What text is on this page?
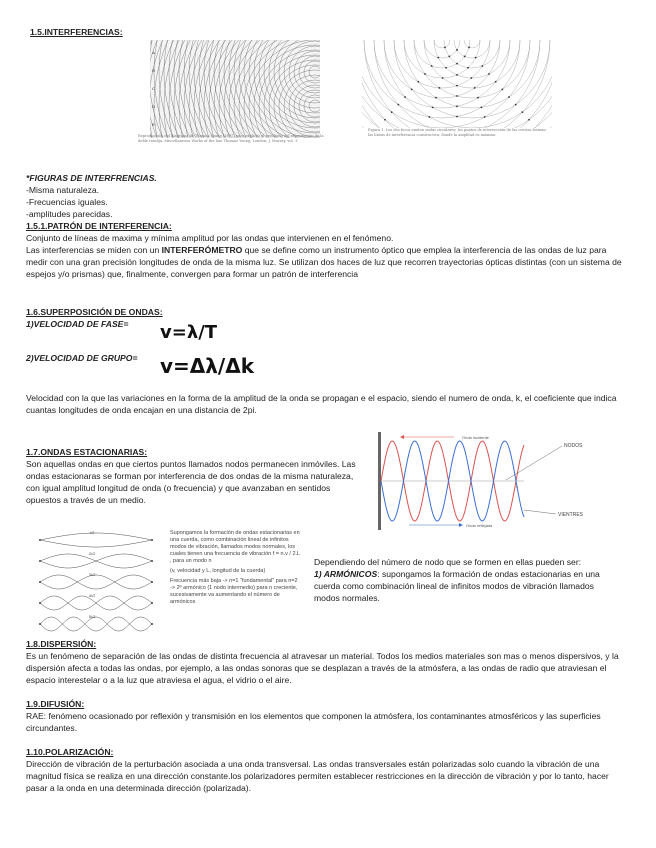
1.5.INTERFERENCIAS:
A
B
C
D
E
Reproducción del diagrama de Thomas Young (1807) para explicar el resultado del experimento de la doble rendija. Miscellaneous Works of the late Thomas Young, London: J. Murray, vol. 1.
Figura 1. Los dos focos emiten ondas circulares; los puntos de intersección de las crestas forman las líneas de interferencia constructiva, donde la amplitud es máxima.
*FIGURAS DE INTERFRENCIAS.
-Misma naturaleza.
-Frecuencias iguales.
-amplitudes parecidas.
1.5.1.PATRÓN DE INTERFERENCIA:

Conjunto de líneas de maxima y mínima amplitud por las ondas que intervienen en el fenómeno.

Las interferencias se miden con un INTERFERÓMETRO que se define como un instrumento óptico que emplea la interferencia de las ondas de luz para medir con una gran precisión longitudes de onda de la misma luz. Se utilizan dos haces de luz que recorren trayectorias ópticas distintas (con un sistema de espejos y/o prismas) que, finalmente, convergen para formar un patrón de interferencia

1.6.SUPERPOSICIÓN DE ONDAS:
1)VELOCIDAD DE FASE= v=λ/T
2)VELOCIDAD DE GRUPO= v=Δλ/Δk

Velocidad con la que las variaciones en la forma de la amplitud de la onda se propagan e el espacio, siendo el numero de onda, k, el coeficiente que indica cuantas longitudes de onda encajan en una distancia de 2pi.

1.7.ONDAS ESTACIONARIAS:

Son aquellas ondas en que ciertos puntos llamados nodos permanecen inmóviles. Las ondas estacionaras se forman por interferencia de dos ondas de la misma naturaleza, con igual amplitud longitud de onda (o frecuencia) y que avanzaban en sentidos opuestos a través de un medio.

Onda incidente
Onda reflejada
x
NODOS
VIENTRES
λ/2
2λ/2
3λ/2
4λ/2
5λ/2

Supongamos la formación de ondas estacionarias en una cuerda, como combinación lineal de infinitos modos de vibración, llamados modos normales, los cuales tienen una frecuencia de vibración f = n.v / 2.L , para un modo n

(v, velocidad y L, longitud de la cuerda)

Frecuencia más baja -> n=1 "fundamental" para n=2 -> 2º armónico (1 nodo intermedio) para n creciente, sucesivamente va aumentando el número de armónicos

Dependiendo del número de nodo que se formen en ellas pueden ser:

1) ARMÓNICOS: supongamos la formación de ondas estacionarias en una cuerda como combinación lineal de infinitos modos de vibración llamados modos normales.

1.8.DISPERSIÓN:

Es un fenómeno de separación de las ondas de distinta frecuencia al atravesar un material. Todos los medios materiales son mas o menos dispersivos, y la dispersión afecta a todas las ondas, por ejemplo, a las ondas sonoras que se desplazan a través de la atmósfera, a las ondas de radio que atraviesan el espacio interestelar o a la luz que atraviesa el agua, el vidrio o el aire.

1.9.DIFUSIÓN:

RAE: fenómeno ocasionado por reflexión y transmisión en los elementos que componen la atmósfera, los contaminantes atmosféricos y las superficies circundantes.

1.10.POLARIZACIÓN:

Dirección de vibración de la perturbación asociada a una onda transversal. Las ondas transversales están polarizadas solo cuando la vibración de una magnitud física se realiza en una dirección constante.los polarizadores permiten establecer restricciones en la dirección de vibración y por lo tanto, hacer pasar a la onda en una determinada dirección (polarizada).
